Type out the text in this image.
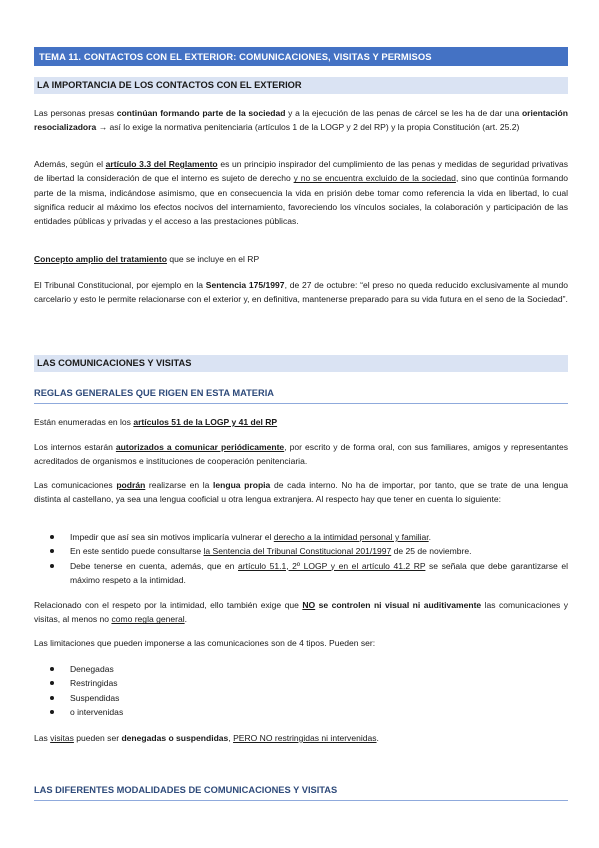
TEMA 11. CONTACTOS CON EL EXTERIOR: COMUNICACIONES, VISITAS Y PERMISOS
LA IMPORTANCIA DE LOS CONTACTOS CON EL EXTERIOR

Las personas presas continúan formando parte de la sociedad y a la ejecución de las penas de cárcel se les ha de dar una orientación resocializadora → así lo exige la normativa penitenciaria (artículos 1 de la LOGP y 2 del RP) y la propia Constitución (art. 25.2)

Además, según el artículo 3.3 del Reglamento es un principio inspirador del cumplimiento de las penas y medidas de seguridad privativas de libertad la consideración de que el interno es sujeto de derecho y no se encuentra excluido de la sociedad, sino que continúa formando parte de la misma, indicándose asimismo, que en consecuencia la vida en prisión debe tomar como referencia la vida en libertad, lo cual significa reducir al máximo los efectos nocivos del internamiento, favoreciendo los vínculos sociales, la colaboración y participación de las entidades públicas y privadas y el acceso a las prestaciones públicas.

Concepto amplio del tratamiento que se incluye en el RP

El Tribunal Constitucional, por ejemplo en la Sentencia 175/1997, de 27 de octubre: “el preso no queda reducido exclusivamente al mundo carcelario y esto le permite relacionarse con el exterior y, en definitiva, mantenerse preparado para su vida futura en el seno de la Sociedad”.

LAS COMUNICACIONES Y VISITAS
REGLAS GENERALES QUE RIGEN EN ESTA MATERIA

Están enumeradas en los artículos 51 de la LOGP y 41 del RP

Los internos estarán autorizados a comunicar periódicamente, por escrito y de forma oral, con sus familiares, amigos y representantes acreditados de organismos e instituciones de cooperación penitenciaria.

Las comunicaciones podrán realizarse en la lengua propia de cada interno. No ha de importar, por tanto, que se trate de una lengua distinta al castellano, ya sea una lengua cooficial u otra lengua extranjera. Al respecto hay que tener en cuenta lo siguiente:

Impedir que así sea sin motivos implicaría vulnerar el derecho a la intimidad personal y familiar.
En este sentido puede consultarse la Sentencia del Tribunal Constitucional 201/1997 de 25 de noviembre.
Debe tenerse en cuenta, además, que en artículo 51.1, 2º LOGP y en el artículo 41.2 RP se señala que debe garantizarse el máximo respeto a la intimidad.

Relacionado con el respeto por la intimidad, ello también exige que NO se controlen ni visual ni auditivamente las comunicaciones y visitas, al menos no como regla general.

Las limitaciones que pueden imponerse a las comunicaciones son de 4 tipos. Pueden ser:

Denegadas
Restringidas
Suspendidas
o intervenidas

Las visitas pueden ser denegadas o suspendidas, PERO NO restringidas ni intervenidas.

LAS DIFERENTES MODALIDADES DE COMUNICACIONES Y VISITAS
